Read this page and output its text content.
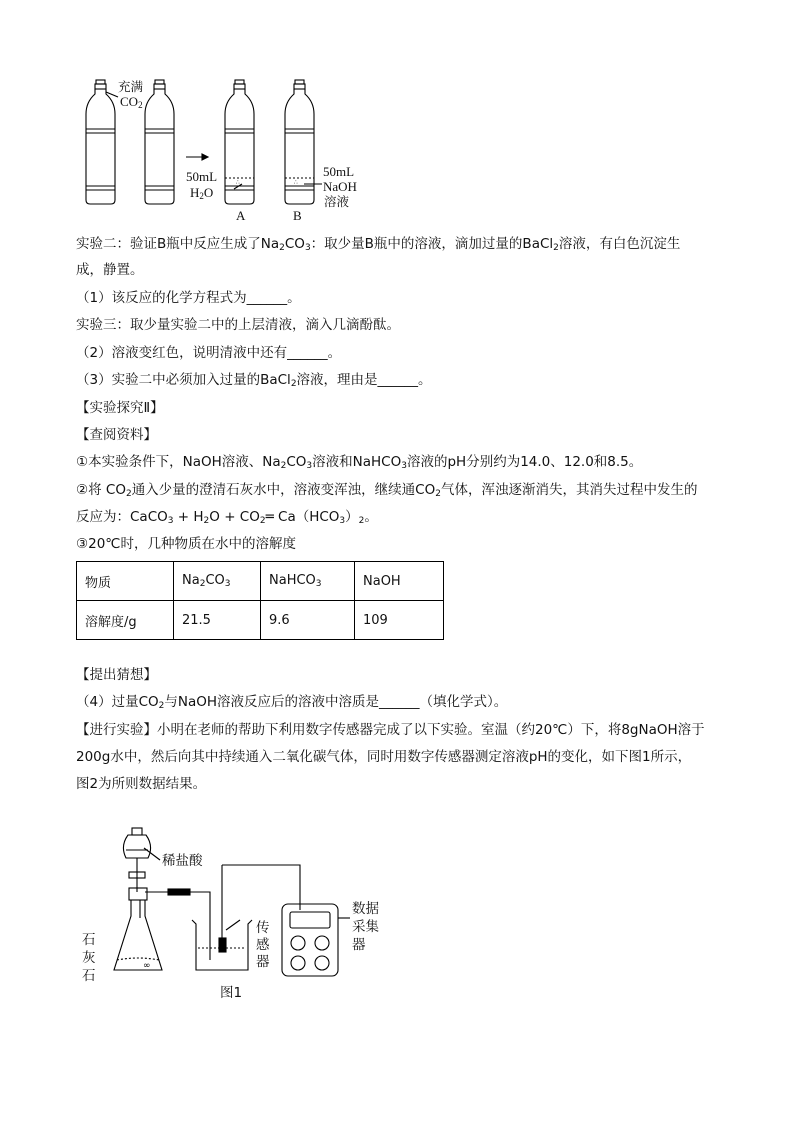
∴	∴
充满
$CO_2$
50mL
$H_2O$
50mL
NaOH
溶液
A	B
实验二：验证B瓶中反应生成了$Na_2CO_3$：取少量B瓶中的溶液，滴加过量的BaCl$_2$溶液，有白色沉淀生
成，静置。
（1）该反应的化学方程式为______。
实验三：取少量实验二中的上层清液，滴入几滴酚酞。
（2）溶液变红色，说明清液中还有______。
（3）实验二中必须加入过量的BaCl$_2$溶液，理由是______。
【实验探究Ⅱ】
【查阅资料】
①本实验条件下，NaOH溶液、$Na_2CO_3$溶液和NaHCO$_3$溶液的pH分别约为14.0、12.0和8.5。
②将 $CO_2$通入少量的澄清石灰水中，溶液变浑浊，继续通$CO_2$气体，浑浊逐渐消失，其消失过程中发生的
反应为：CaCO$_3$ + $H_2O$ + $CO_2═$ $Ca(HCO_3)_2$。
③20℃时，几种物质在水中的溶解度
物质	$Na_2CO_3$	NaHCO$_3$	NaOH
溶解度/g	21.5	9.6	109
【提出猜想】
（4）过量$CO_2$与NaOH溶液反应后的溶液中溶质是______（填化学式）。
【进行实验】小明在老师的帮助下利用数字传感器完成了以下实验。室温（约20℃）下，将8gNaOH溶于
200g水中，然后向其中持续通入二氧化碳气体，同时用数字传感器测定溶液pH的变化，如下图1所示，
图2为所则数据结果。
∞
稀盐酸
石
灰
石
传
感
器
数据
采集
器
图1
